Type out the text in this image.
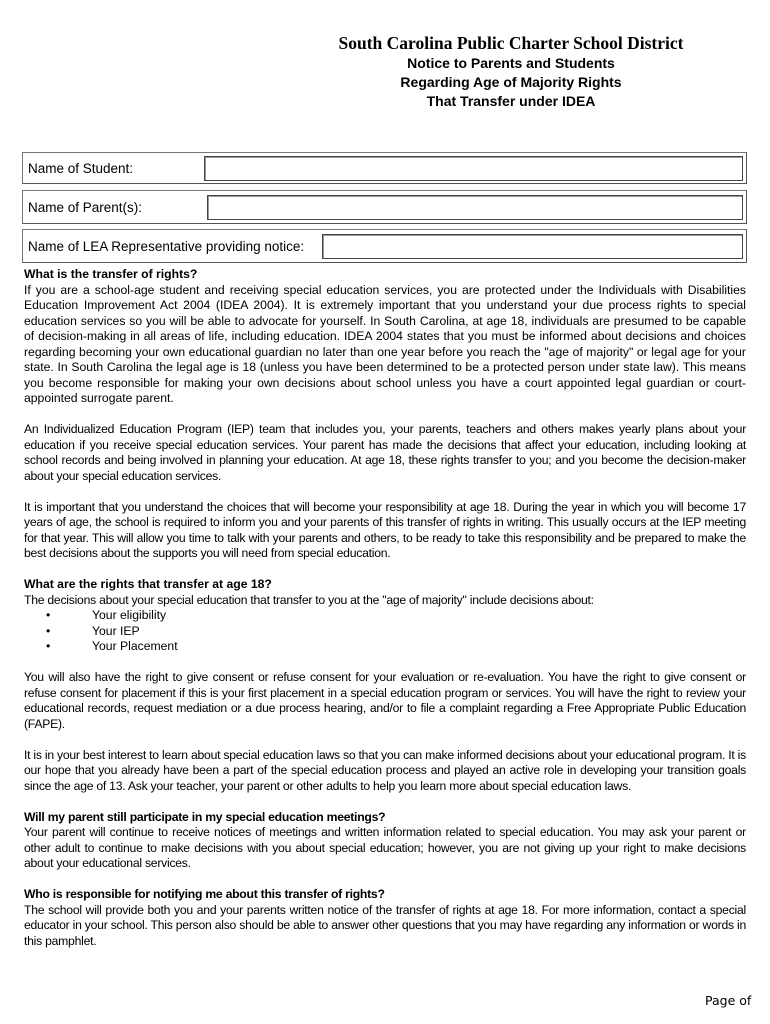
South Carolina Public Charter School District
Notice to Parents and Students
Regarding Age of Majority Rights
That Transfer under IDEA
Name of Student:
Name of Parent(s):
Name of LEA Representative providing notice:

What is the transfer of rights?

If you are a school-age student and receiving special education services, you are protected under the Individuals with Disabilities Education Improvement Act 2004 (IDEA 2004). It is extremely important that you understand your due process rights to special education services so you will be able to advocate for yourself. In South Carolina, at age 18, individuals are presumed to be capable of decision-making in all areas of life, including education. IDEA 2004 states that you must be informed about decisions and choices regarding becoming your own educational guardian no later than one year before you reach the "age of majority" or legal age for your state. In South Carolina the legal age is 18 (unless you have been determined to be a protected person under state law). This means you become responsible for making your own decisions about school unless you have a court appointed legal guardian or court-appointed surrogate parent.

An Individualized Education Program (IEP) team that includes you, your parents, teachers and others makes yearly plans about your education if you receive special education services. Your parent has made the decisions that affect your education, including looking at school records and being involved in planning your education. At age 18, these rights transfer to you; and you become the decision-maker about your special education services.

It is important that you understand the choices that will become your responsibility at age 18. During the year in which you will become 17 years of age, the school is required to inform you and your parents of this transfer of rights in writing. This usually occurs at the IEP meeting for that year. This will allow you time to talk with your parents and others, to be ready to take this responsibility and be prepared to make the best decisions about the supports you will need from special education.

What are the rights that transfer at age 18?

The decisions about your special education that transfer to you at the "age of majority" include decisions about:

•	Your eligibility
•	Your IEP
•	Your Placement

You will also have the right to give consent or refuse consent for your evaluation or re-evaluation. You have the right to give consent or refuse consent for placement if this is your first placement in a special education program or services. You will have the right to review your educational records, request mediation or a due process hearing, and/or to file a complaint regarding a Free Appropriate Public Education (FAPE).

It is in your best interest to learn about special education laws so that you can make informed decisions about your educational program. It is our hope that you already have been a part of the special education process and played an active role in developing your transition goals since the age of 13. Ask your teacher, your parent or other adults to help you learn more about special education laws.

Will my parent still participate in my special education meetings?

Your parent will continue to receive notices of meetings and written information related to special education. You may ask your parent or other adult to continue to make decisions with you about special education; however, you are not giving up your right to make decisions about your educational services.

Who is responsible for notifying me about this transfer of rights?

The school will provide both you and your parents written notice of the transfer of rights at age 18. For more information, contact a special educator in your school. This person also should be able to answer other questions that you may have regarding any information or words in this pamphlet.

Page of
